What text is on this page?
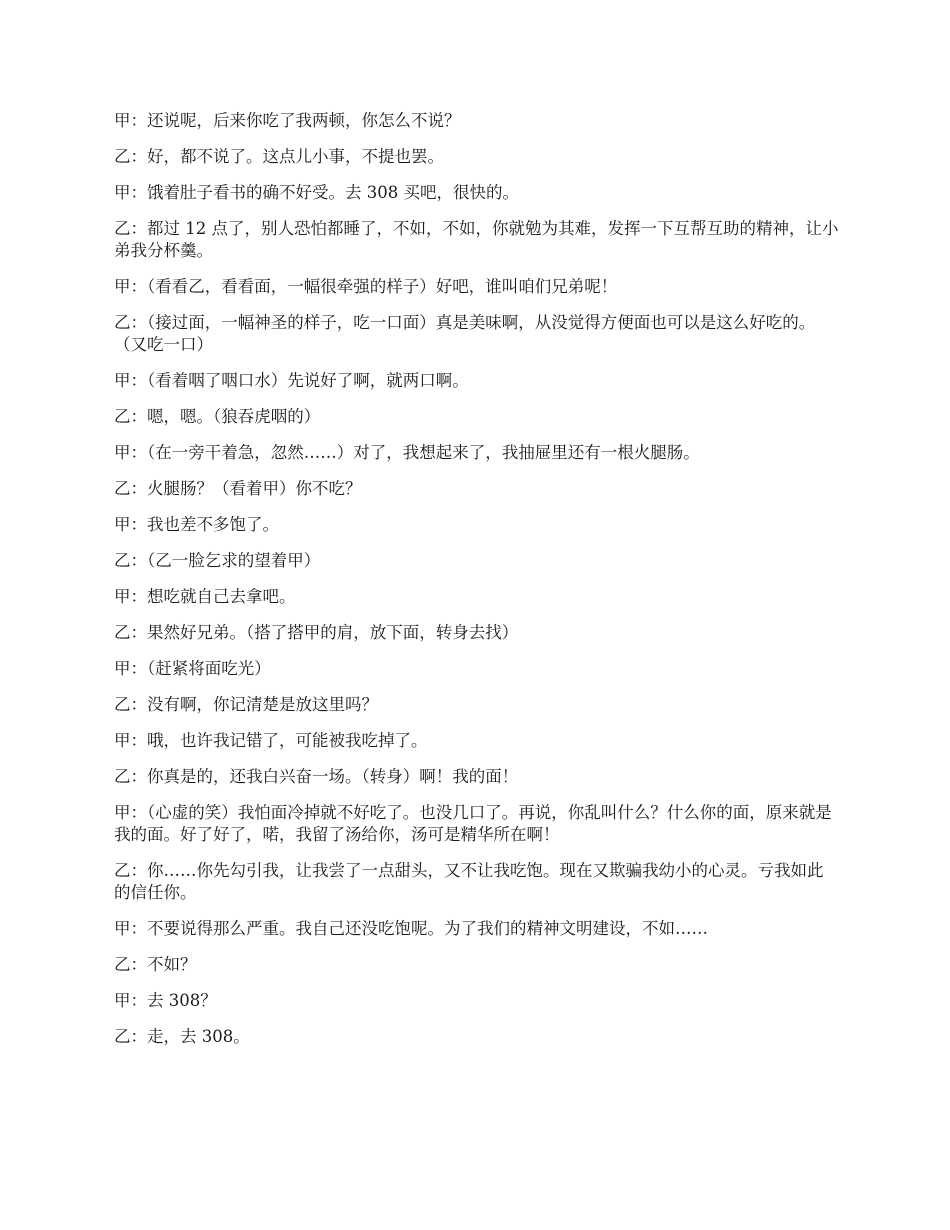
甲：还说呢，后来你吃了我两顿，你怎么不说？

乙：好，都不说了。这点儿小事，不提也罢。

甲：饿着肚子看书的确不好受。去 308 买吧，很快的。

乙：都过 12 点了，别人恐怕都睡了，不如，不如，你就勉为其难，发挥一下互帮互助的精神，让小弟我分杯羹。

甲：（看看乙，看看面，一幅很牵强的样子）好吧，谁叫咱们兄弟呢！

乙：（接过面，一幅神圣的样子，吃一口面）真是美味啊，从没觉得方便面也可以是这么好吃的。（又吃一口）

甲：（看着咽了咽口水）先说好了啊，就两口啊。

乙：嗯，嗯。（狼吞虎咽的）

甲：（在一旁干着急，忽然……）对了，我想起来了，我抽屉里还有一根火腿肠。

乙：火腿肠？（看着甲）你不吃？

甲：我也差不多饱了。

乙：（乙一脸乞求的望着甲）

甲：想吃就自己去拿吧。

乙：果然好兄弟。（搭了搭甲的肩，放下面，转身去找）

甲：（赶紧将面吃光）

乙：没有啊，你记清楚是放这里吗？

甲：哦，也许我记错了，可能被我吃掉了。

乙：你真是的，还我白兴奋一场。（转身）啊！我的面！

甲：（心虚的笑）我怕面冷掉就不好吃了。也没几口了。再说，你乱叫什么？什么你的面，原来就是我的面。好了好了，喏，我留了汤给你，汤可是精华所在啊！

乙：你……你先勾引我，让我尝了一点甜头，又不让我吃饱。现在又欺骗我幼小的心灵。亏我如此的信任你。

甲：不要说得那么严重。我自己还没吃饱呢。为了我们的精神文明建设，不如……

乙：不如？

甲：去 308？

乙：走，去 308。
